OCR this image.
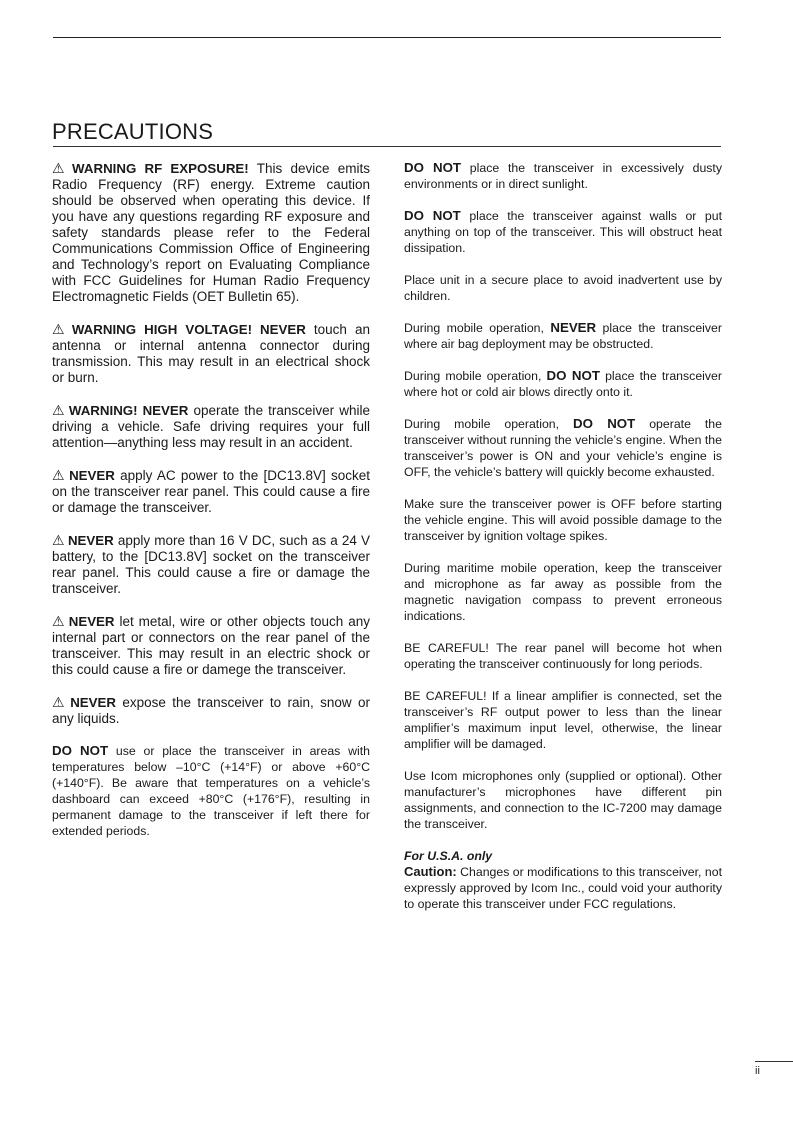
PRECAUTIONS

⚠ WARNING RF EXPOSURE! This device emits Radio Frequency (RF) energy. Extreme caution should be observed when operating this device. If you have any questions regarding RF exposure and safety standards please refer to the Federal Communications Commission Office of Engineering and Technology’s report on Evaluating Compliance with FCC Guidelines for Human Radio Frequency Electromagnetic Fields (OET Bulletin 65).

⚠ WARNING HIGH VOLTAGE! NEVER touch an antenna or internal antenna connector during transmission. This may result in an electrical shock or burn.

⚠ WARNING! NEVER operate the transceiver while driving a vehicle. Safe driving requires your full attention—anything less may result in an accident.

⚠ NEVER apply AC power to the [DC13.8V] socket on the transceiver rear panel. This could cause a fire or damage the transceiver.

⚠ NEVER apply more than 16 V DC, such as a 24 V battery, to the [DC13.8V] socket on the transceiver rear panel. This could cause a fire or damage the transceiver.

⚠ NEVER let metal, wire or other objects touch any internal part or connectors on the rear panel of the transceiver. This may result in an electric shock or this could cause a fire or damege the transceiver.

⚠ NEVER expose the transceiver to rain, snow or any liquids.

DO NOT use or place the transceiver in areas with temperatures below –10°C (+14°F) or above +60°C (+140°F). Be aware that temperatures on a vehicle’s dashboard can exceed +80°C (+176°F), resulting in permanent damage to the transceiver if left there for extended periods.

DO NOT place the transceiver in excessively dusty environments or in direct sunlight.

DO NOT place the transceiver against walls or put anything on top of the transceiver. This will obstruct heat dissipation.

Place unit in a secure place to avoid inadvertent use by children.

During mobile operation, NEVER place the transceiver where air bag deployment may be obstructed.

During mobile operation, DO NOT place the transceiver where hot or cold air blows directly onto it.

During mobile operation, DO NOT operate the transceiver without running the vehicle’s engine. When the transceiver’s power is ON and your vehicle’s engine is OFF, the vehicle’s battery will quickly become exhausted.

Make sure the transceiver power is OFF before starting the vehicle engine. This will avoid possible damage to the transceiver by ignition voltage spikes.

During maritime mobile operation, keep the transceiver and microphone as far away as possible from the magnetic navigation compass to prevent erroneous indications.

BE CAREFUL! The rear panel will become hot when operating the transceiver continuously for long periods.

BE CAREFUL! If a linear amplifier is connected, set the transceiver’s RF output power to less than the linear amplifier’s maximum input level, otherwise, the linear amplifier will be damaged.

Use Icom microphones only (supplied or optional). Other manufacturer’s microphones have different pin assignments, and connection to the IC-7200 may damage the transceiver.

For U.S.A. only
Caution: Changes or modifications to this transceiver, not expressly approved by Icom Inc., could void your authority to operate this transceiver under FCC regulations.

ii
